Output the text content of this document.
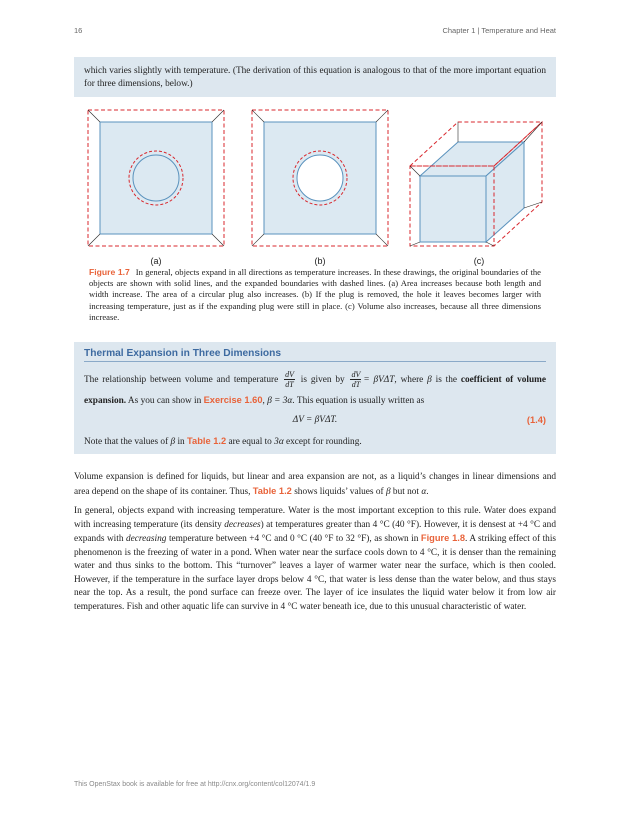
16	Chapter 1 | Temperature and Heat
which varies slightly with temperature. (The derivation of this equation is analogous to that of the more important equation for three dimensions, below.)
(a)	(b)	(c)
Figure 1.7 In general, objects expand in all directions as temperature increases. In these drawings, the original boundaries of the objects are shown with solid lines, and the expanded boundaries with dashed lines. (a) Area increases because both length and width increase. The area of a circular plug also increases. (b) If the plug is removed, the hole it leaves becomes larger with increasing temperature, just as if the expanding plug were still in place. (c) Volume also increases, because all three dimensions increase.
Thermal Expansion in Three Dimensions
The relationship between volume and temperature $\frac{dV}{dT}$ is given by $\frac{dV}{dT} = \beta V\Delta T$, where β is the coefficient of volume expansion. As you can show in Exercise 1.60, β = 3α. This equation is usually written as
ΔV = βVΔT.	(1.4)
Note that the values of β in Table 1.2 are equal to 3α except for rounding.
Volume expansion is defined for liquids, but linear and area expansion are not, as a liquid’s changes in linear dimensions and area depend on the shape of its container. Thus, Table 1.2 shows liquids’ values of β but not α.
In general, objects expand with increasing temperature. Water is the most important exception to this rule. Water does expand with increasing temperature (its density decreases) at temperatures greater than 4 °C (40 °F). However, it is densest at +4 °C and expands with decreasing temperature between +4 °C and 0 °C (40 °F to 32 °F), as shown in Figure 1.8. A striking effect of this phenomenon is the freezing of water in a pond. When water near the surface cools down to 4 °C, it is denser than the remaining water and thus sinks to the bottom. This “turnover” leaves a layer of warmer water near the surface, which is then cooled. However, if the temperature in the surface layer drops below 4 °C, that water is less dense than the water below, and thus stays near the top. As a result, the pond surface can freeze over. The layer of ice insulates the liquid water below it from low air temperatures. Fish and other aquatic life can survive in 4 °C water beneath ice, due to this unusual characteristic of water.
This OpenStax book is available for free at http://cnx.org/content/col12074/1.9
